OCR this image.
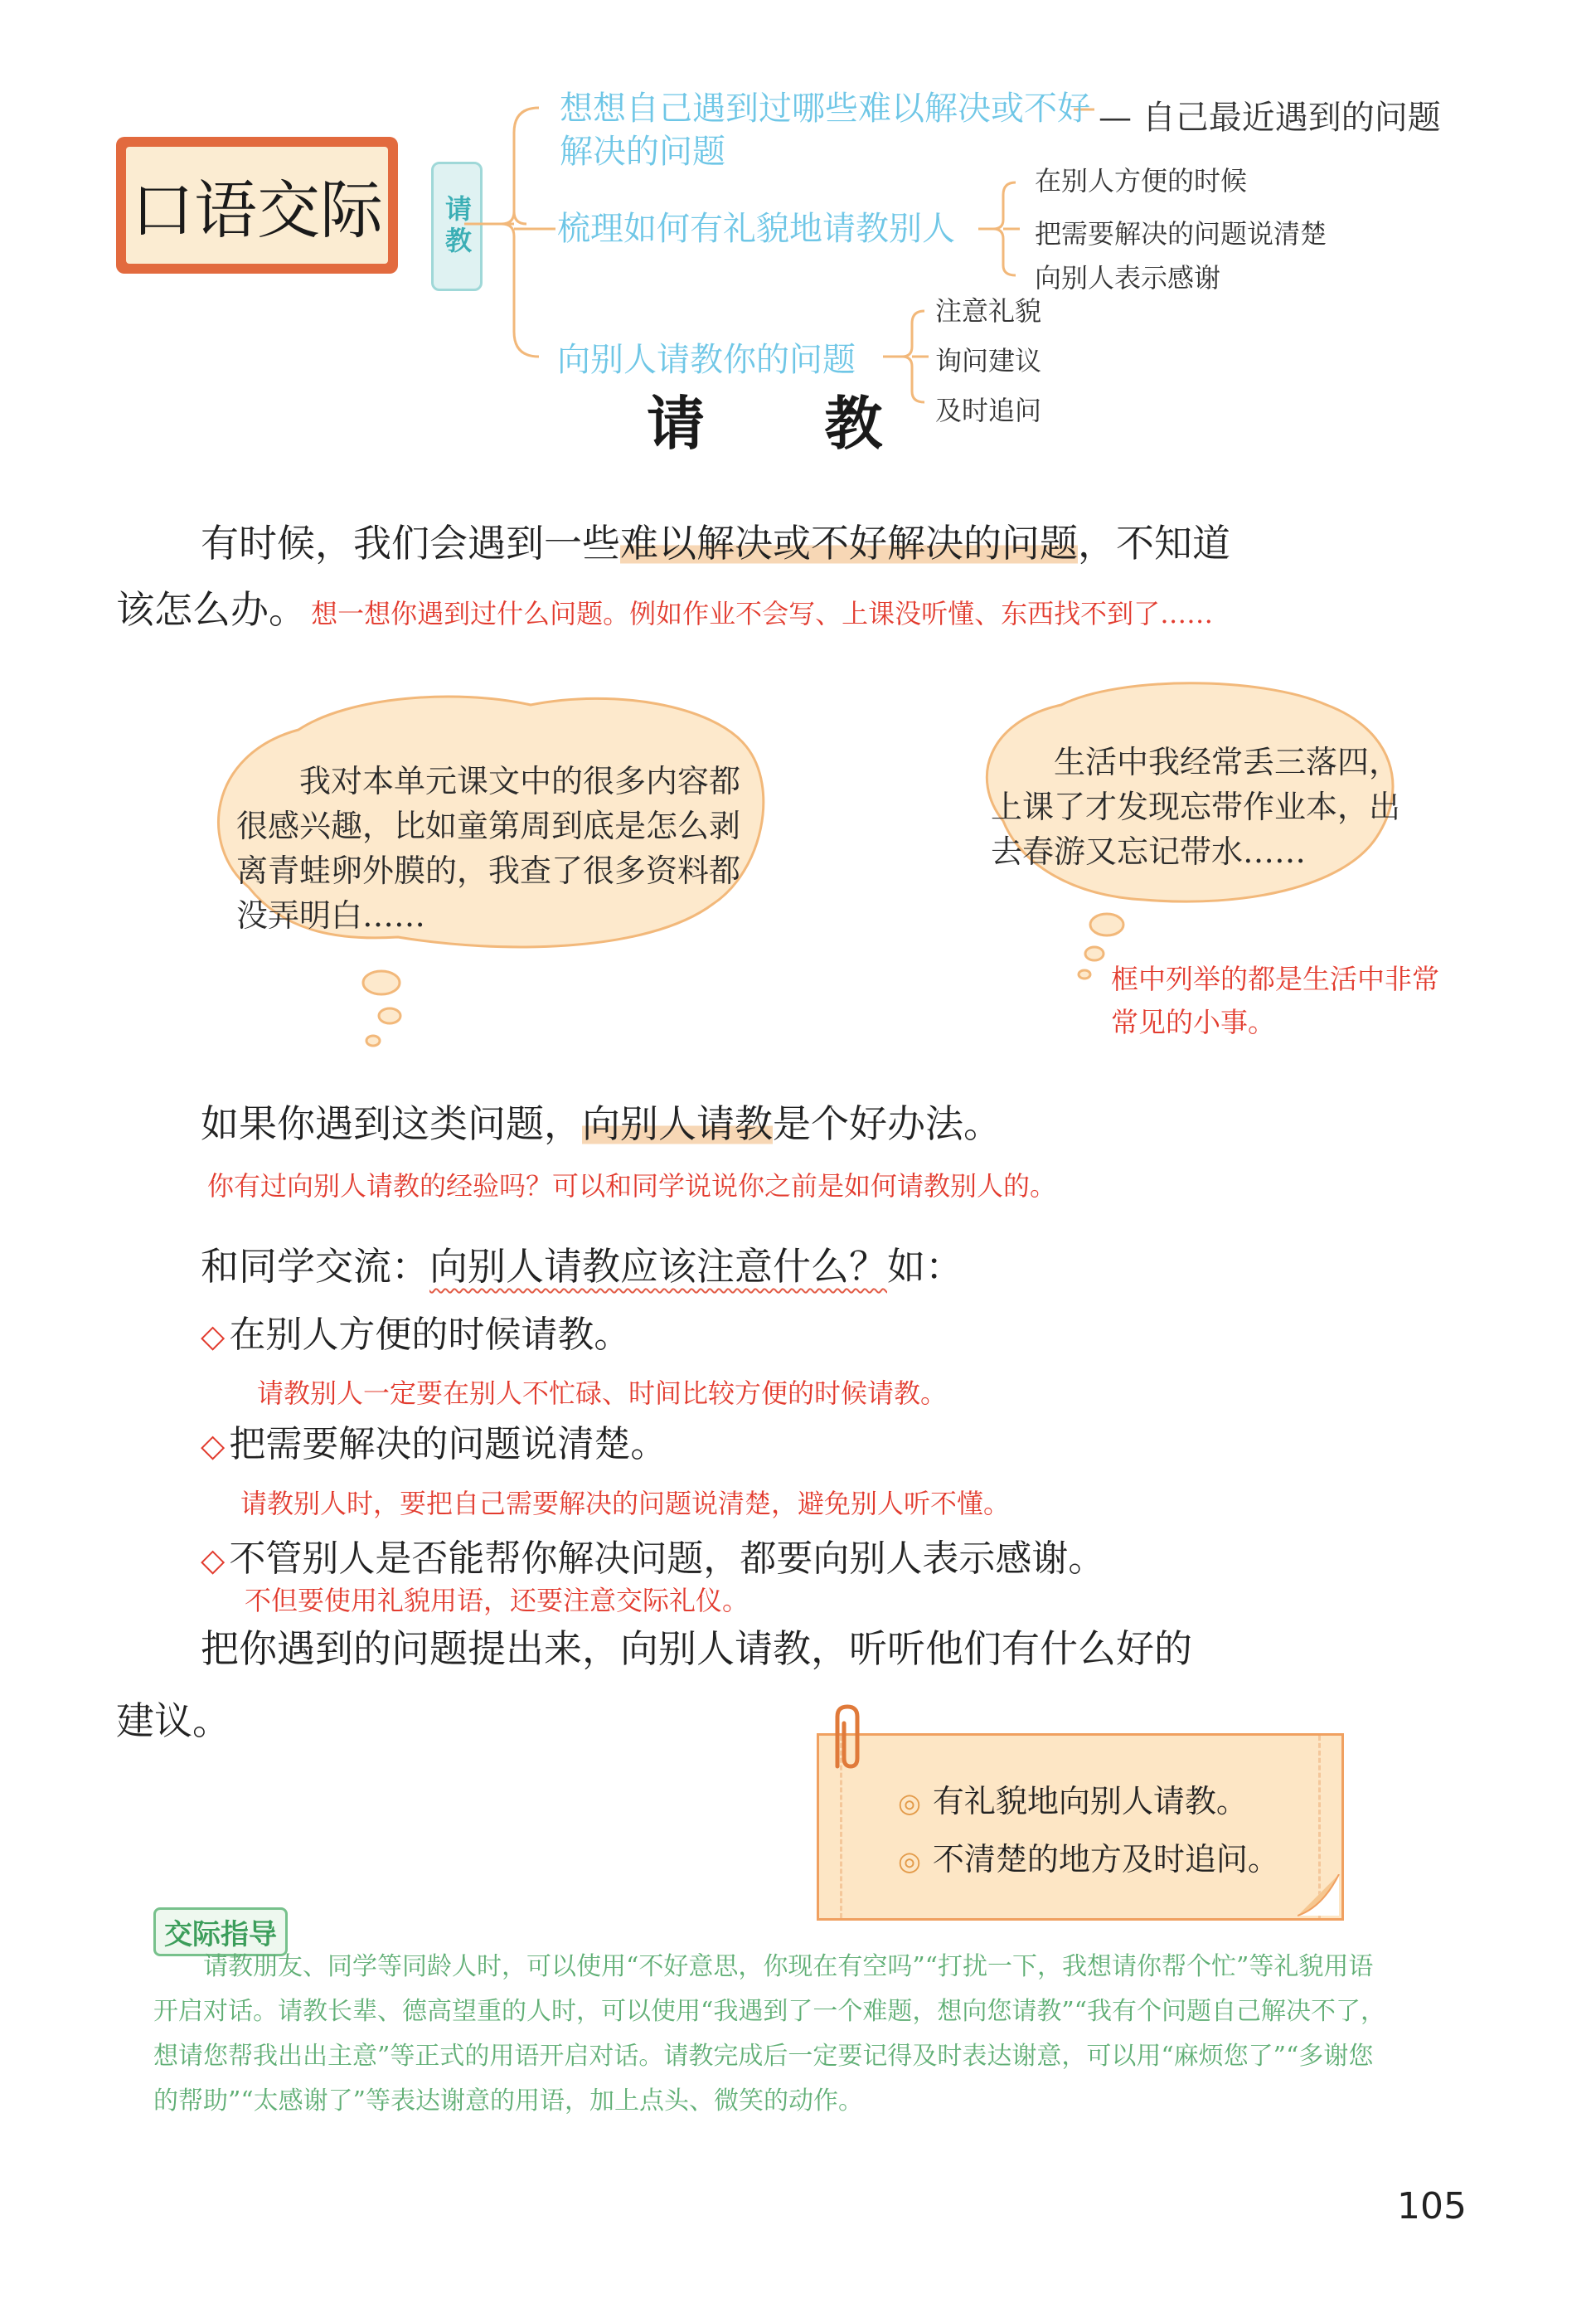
口语交际	请教
想想自己遇到过哪些难以解决或不好解决的问题
— 自己最近遇到的问题
梳理如何有礼貌地请教别人
在别人方便的时候
把需要解决的问题说清楚
向别人表示感谢
向别人请教你的问题
注意礼貌
询问建议
及时追问
请 教
有时候，我们会遇到一些难以解决或不好解决的问题，不知道
该怎么办。 想一想你遇到过什么问题。例如作业不会写、上课没听懂、东西找不到了……
我对本单元课文中的很多内容都很感兴趣，比如童第周到底是怎么剥离青蛙卵外膜的，我查了很多资料都没弄明白……
生活中我经常丢三落四，上课了才发现忘带作业本，出去春游又忘记带水……
框中列举的都是生活中非常常见的小事。
如果你遇到这类问题，向别人请教是个好办法。
你有过向别人请教的经验吗？可以和同学说说你之前是如何请教别人的。
和同学交流：向别人请教应该注意什么？如：
◇ 在别人方便的时候请教。
请教别人一定要在别人不忙碌、时间比较方便的时候请教。
◇ 把需要解决的问题说清楚。
请教别人时，要把自己需要解决的问题说清楚，避免别人听不懂。
◇ 不管别人是否能帮你解决问题，都要向别人表示感谢。
不但要使用礼貌用语，还要注意交际礼仪。
把你遇到的问题提出来，向别人请教，听听他们有什么好的
建议。
◎ 有礼貌地向别人请教。
◎ 不清楚的地方及时追问。
交际指导
请教朋友、同学等同龄人时，可以使用“不好意思，你现在有空吗”“打扰一下，我想请你帮个忙”等礼貌用语开启对话。请教长辈、德高望重的人时，可以使用“我遇到了一个难题，想向您请教”“我有个问题自己解决不了，想请您帮我出出主意”等正式的用语开启对话。请教完成后一定要记得及时表达谢意，可以用“麻烦您了”“多谢您的帮助”“太感谢了”等表达谢意的用语，加上点头、微笑的动作。
105
